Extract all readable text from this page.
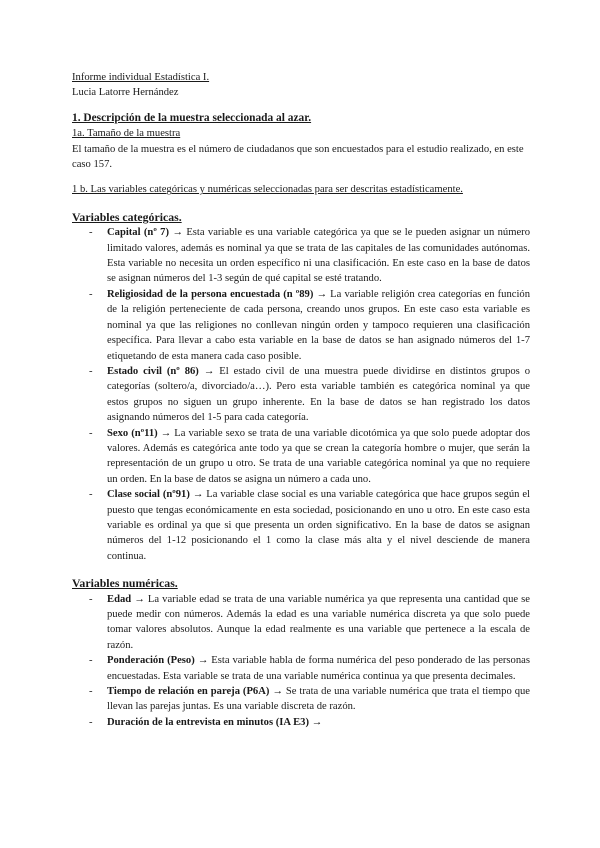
Informe individual Estadística I.
Lucia Latorre Hernández
1. Descripción de la muestra seleccionada al azar.
1a. Tamaño de la muestra

El tamaño de la muestra es el número de ciudadanos que son encuestados para el estudio realizado, en este caso 157.

1 b. Las variables categóricas y numéricas seleccionadas para ser descritas estadísticamente.
Variables categóricas.
- Capital (nº 7) → Esta variable es una variable categórica ya que se le pueden asignar un número limitado valores, además es nominal ya que se trata de las capitales de las comunidades autónomas. Esta variable no necesita un orden específico ni una clasificación. En este caso en la base de datos se asignan números del 1-3 según de qué capital se esté tratando.
- Religiosidad de la persona encuestada (n º89) → La variable religión crea categorías en función de la religión perteneciente de cada persona, creando unos grupos. En este caso esta variable es nominal ya que las religiones no conllevan ningún orden y tampoco requieren una clasificación específica. Para llevar a cabo esta variable en la base de datos se han asignado números del 1-7 etiquetando de esta manera cada caso posible.
- Estado civil (nº 86) → El estado civil de una muestra puede dividirse en distintos grupos o categorías (soltero/a, divorciado/a…). Pero esta variable también es categórica nominal ya que estos grupos no siguen un grupo inherente. En la base de datos se han registrado los datos asignando números del 1-5 para cada categoría.
- Sexo (nº11) → La variable sexo se trata de una variable dicotómica ya que solo puede adoptar dos valores. Además es categórica ante todo ya que se crean la categoría hombre o mujer, que serán la representación de un grupo u otro. Se trata de una variable categórica nominal ya que no requiere un orden. En la base de datos se asigna un número a cada uno.
- Clase social (nº91) → La variable clase social es una variable categórica que hace grupos según el puesto que tengas económicamente en esta sociedad, posicionando en uno u otro. En este caso esta variable es ordinal ya que si que presenta un orden significativo. En la base de datos se asignan números del 1-12 posicionando el 1 como la clase más alta y el nivel desciende de manera continua.
Variables numéricas.
- Edad → La variable edad se trata de una variable numérica ya que representa una cantidad que se puede medir con números. Además la edad es una variable numérica discreta ya que solo puede tomar valores absolutos. Aunque la edad realmente es una variable que pertenece a la escala de razón.
- Ponderación (Peso) → Esta variable habla de forma numérica del peso ponderado de las personas encuestadas. Esta variable se trata de una variable numérica continua ya que presenta decimales.
- Tiempo de relación en pareja (P6A) → Se trata de una variable numérica que trata el tiempo que llevan las parejas juntas. Es una variable discreta de razón.
- Duración de la entrevista en minutos (IA E3) →
